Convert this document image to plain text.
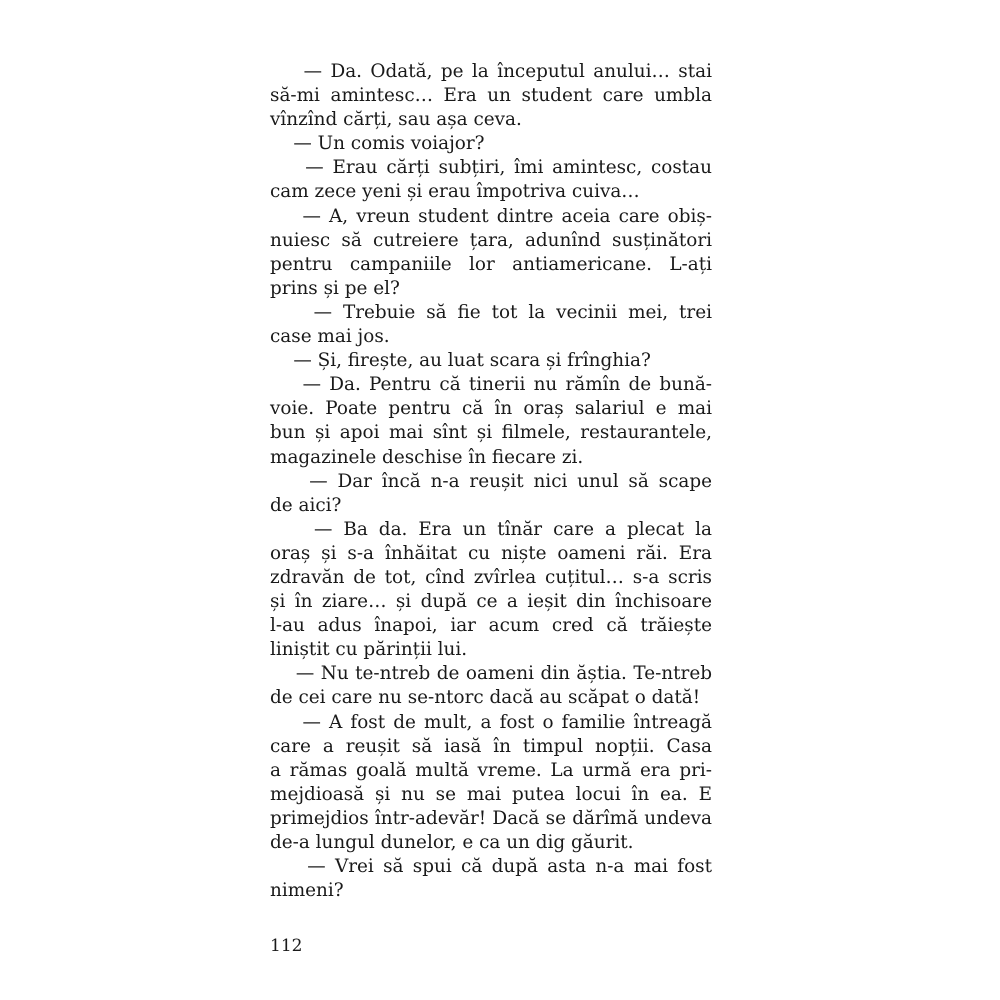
— Da. Odată, pe la începutul anului… stai
să-mi amintesc… Era un student care umbla
vînzînd cărți, sau așa ceva.
— Un comis voiajor?
— Erau cărți subțiri, îmi amintesc, costau
cam zece yeni și erau împotriva cuiva…
— A, vreun student dintre aceia care obiș-
nuiesc să cutreiere țara, adunînd susținători
pentru campaniile lor antiamericane. L-ați
prins și pe el?
— Trebuie să fie tot la vecinii mei, trei
case mai jos.
— Și, firește, au luat scara și frînghia?
— Da. Pentru că tinerii nu rămîn de bună-
voie. Poate pentru că în oraș salariul e mai
bun și apoi mai sînt și filmele, restaurantele,
magazinele deschise în fiecare zi.
— Dar încă n-a reușit nici unul să scape
de aici?
— Ba da. Era un tînăr care a plecat la
oraș și s-a înhăitat cu niște oameni răi. Era
zdravăn de tot, cînd zvîrlea cuțitul… s-a scris
și în ziare… și după ce a ieșit din închisoare
l-au adus înapoi, iar acum cred că trăiește
liniștit cu părinții lui.
— Nu te-ntreb de oameni din ăștia. Te-ntreb
de cei care nu se-ntorc dacă au scăpat o dată!
— A fost de mult, a fost o familie întreagă
care a reușit să iasă în timpul nopții. Casa
a rămas goală multă vreme. La urmă era pri-
mejdioasă și nu se mai putea locui în ea. E
primejdios într-adevăr! Dacă se dărîmă undeva
de-a lungul dunelor, e ca un dig găurit.
— Vrei să spui că după asta n-a mai fost
nimeni?
112
